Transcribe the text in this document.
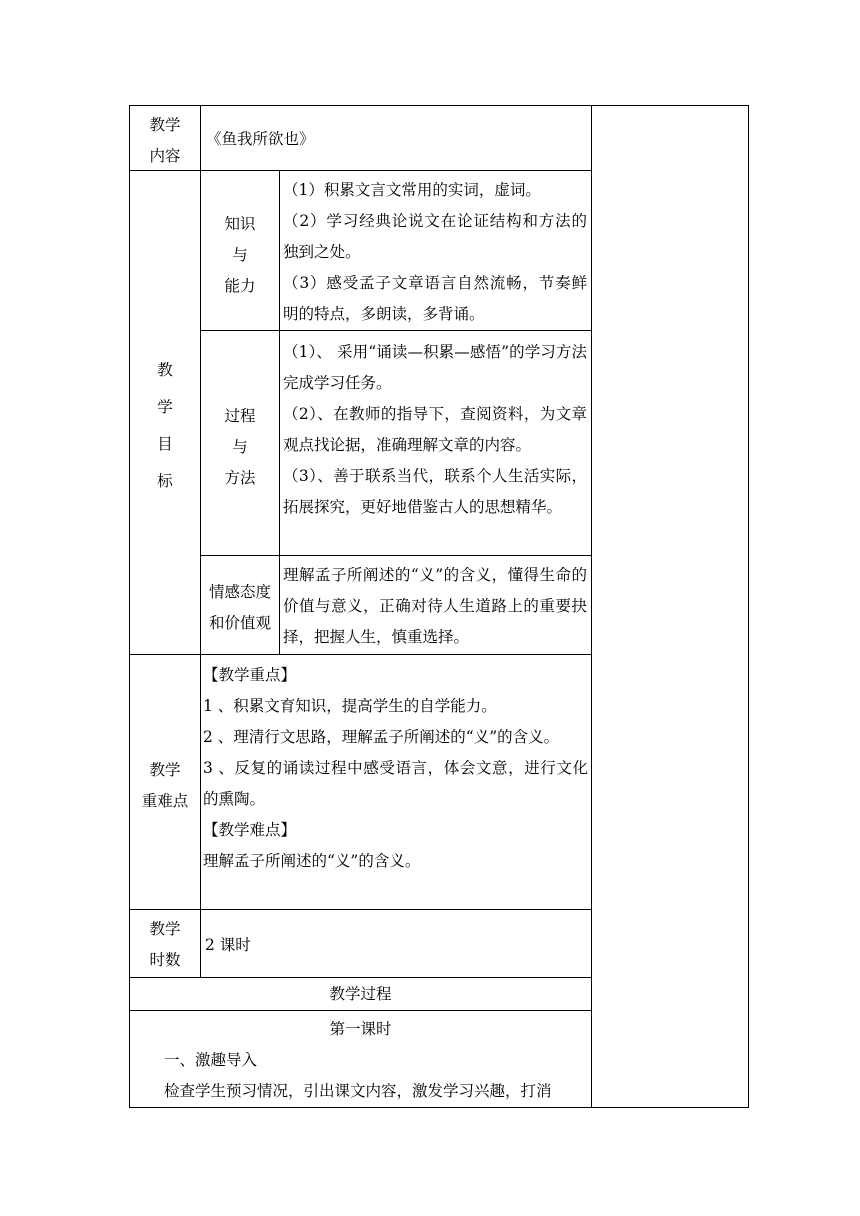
教学
内容
《鱼我所欲也》
教
学
目
标
知识
与
能力
（1）积累文言文常用的实词，虚词。
（2）学习经典论说文在论证结构和方法的独到之处。
（3）感受孟子文章语言自然流畅，节奏鲜明的特点，多朗读，多背诵。
过程
与
方法
（1）、 采用“诵读—积累—感悟”的学习方法完成学习任务。
（2）、在教师的指导下，查阅资料，为文章观点找论据，准确理解文章的内容。
（3）、善于联系当代，联系个人生活实际，拓展探究，更好地借鉴古人的思想精华。
情感态度
和价值观
理解孟子所阐述的“义”的含义，懂得生命的价值与意义，正确对待人生道路上的重要抉择，把握人生，慎重选择。
教学
重难点
【教学重点】
1 、积累文育知识，提高学生的自学能力。
2 、理清行文思路，理解孟子所阐述的“义”的含义。
3 、反复的诵读过程中感受语言，体会文意，进行文化的熏陶。
【教学难点】
理解孟子所阐述的“义”的含义。
教学
时数
2 课时
教学过程
第一课时
一、激趣导入
检查学生预习情况，引出课文内容，激发学习兴趣，打消
